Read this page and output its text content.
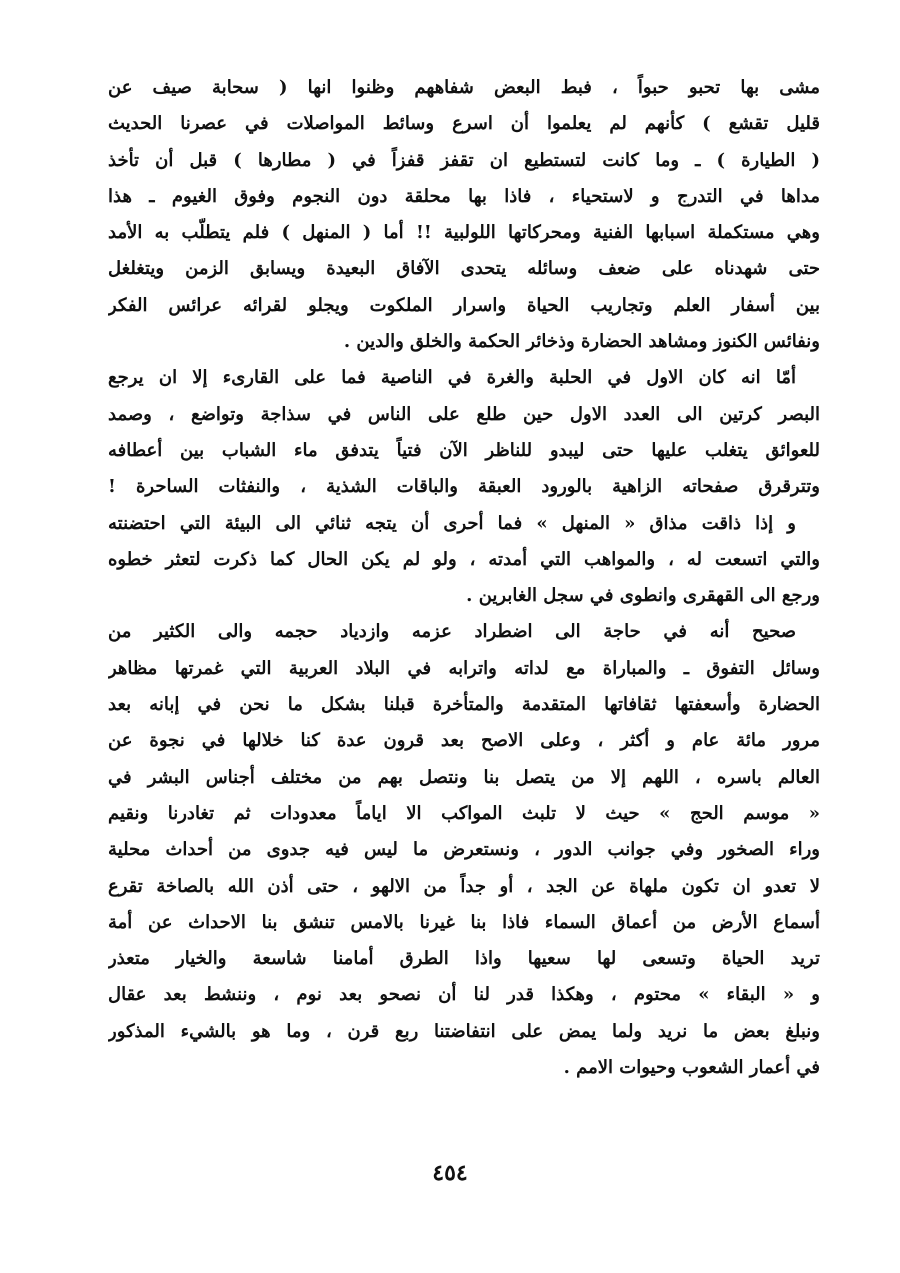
مشى بها تحبو حبواً ، فبط البعض شفاههم وظنوا انها ( سحابة صيف عن
قليل تقشع ) كأنهم لم يعلموا أن اسرع وسائط المواصلات في عصرنا الحديث
( الطيارة ) ـ وما كانت لتستطيع ان تقفز قفزاً في ( مطارها ) قبل أن تأخذ
مداها في التدرج و لاستحياء ، فاذا بها محلقة دون النجوم وفوق الغيوم ـ هذا
وهي مستكملة اسبابها الفنية ومحركاتها اللولبية !! أما ( المنهل ) فلم يتطلّب به الأمد
حتى شهدناه على ضعف وسائله يتحدى الآفاق البعيدة ويسابق الزمن ويتغلغل
بين أسفار العلم وتجاريب الحياة واسرار الملكوت ويجلو لقرائه عرائس الفكر
ونفائس الكنوز ومشاهد الحضارة وذخائر الحكمة والخلق والدين .
أمّا انه كان الاول في الحلبة والغرة في الناصية فما على القارىء إلا ان يرجع
البصر كرتين الى العدد الاول حين طلع على الناس في سذاجة وتواضع ، وصمد
للعوائق يتغلب عليها حتى ليبدو للناظر الآن فتياً يتدفق ماء الشباب بين أعطافه
وتترقرق صفحاته الزاهية بالورود العبقة والباقات الشذية ، والنفثات الساحرة !
و إذا ذاقت مذاق « المنهل » فما أحرى أن يتجه ثنائي الى البيئة التي احتضنته
والتي اتسعت له ، والمواهب التي أمدته ، ولو لم يكن الحال كما ذكرت لتعثر خطوه
ورجع الى القهقرى وانطوى في سجل الغابرين .
صحيح أنه في حاجة الى اضطراد عزمه وازدياد حجمه والى الكثير من
وسائل التفوق ـ والمباراة مع لداته واترابه في البلاد العربية التي غمرتها مظاهر
الحضارة وأسعفتها ثقافاتها المتقدمة والمتأخرة قبلنا بشكل ما نحن في إبانه بعد
مرور مائة عام و أكثر ، وعلى الاصح بعد قرون عدة كنا خلالها في نجوة عن
العالم باسره ، اللهم إلا من يتصل بنا ونتصل بهم من مختلف أجناس البشر في
« موسم الحج » حيث لا تلبث المواكب الا اياماً معدودات ثم تغادرنا ونقيم
وراء الصخور وفي جوانب الدور ، ونستعرض ما ليس فيه جدوى من أحداث محلية
لا تعدو ان تكون ملهاة عن الجد ، أو جداً من الالهو ، حتى أذن الله بالصاخة تقرع
أسماع الأرض من أعماق السماء فاذا بنا غيرنا بالامس تنشق بنا الاحداث عن أمة
تريد الحياة وتسعى لها سعيها واذا الطرق أمامنا شاسعة والخيار متعذر
و « البقاء » محتوم ، وهكذا قدر لنا أن نصحو بعد نوم ، وننشط بعد عقال
ونبلغ بعض ما نريد ولما يمض على انتفاضتنا ربع قرن ، وما هو بالشيء المذكور
في أعمار الشعوب وحيوات الامم .
٤٥٤
